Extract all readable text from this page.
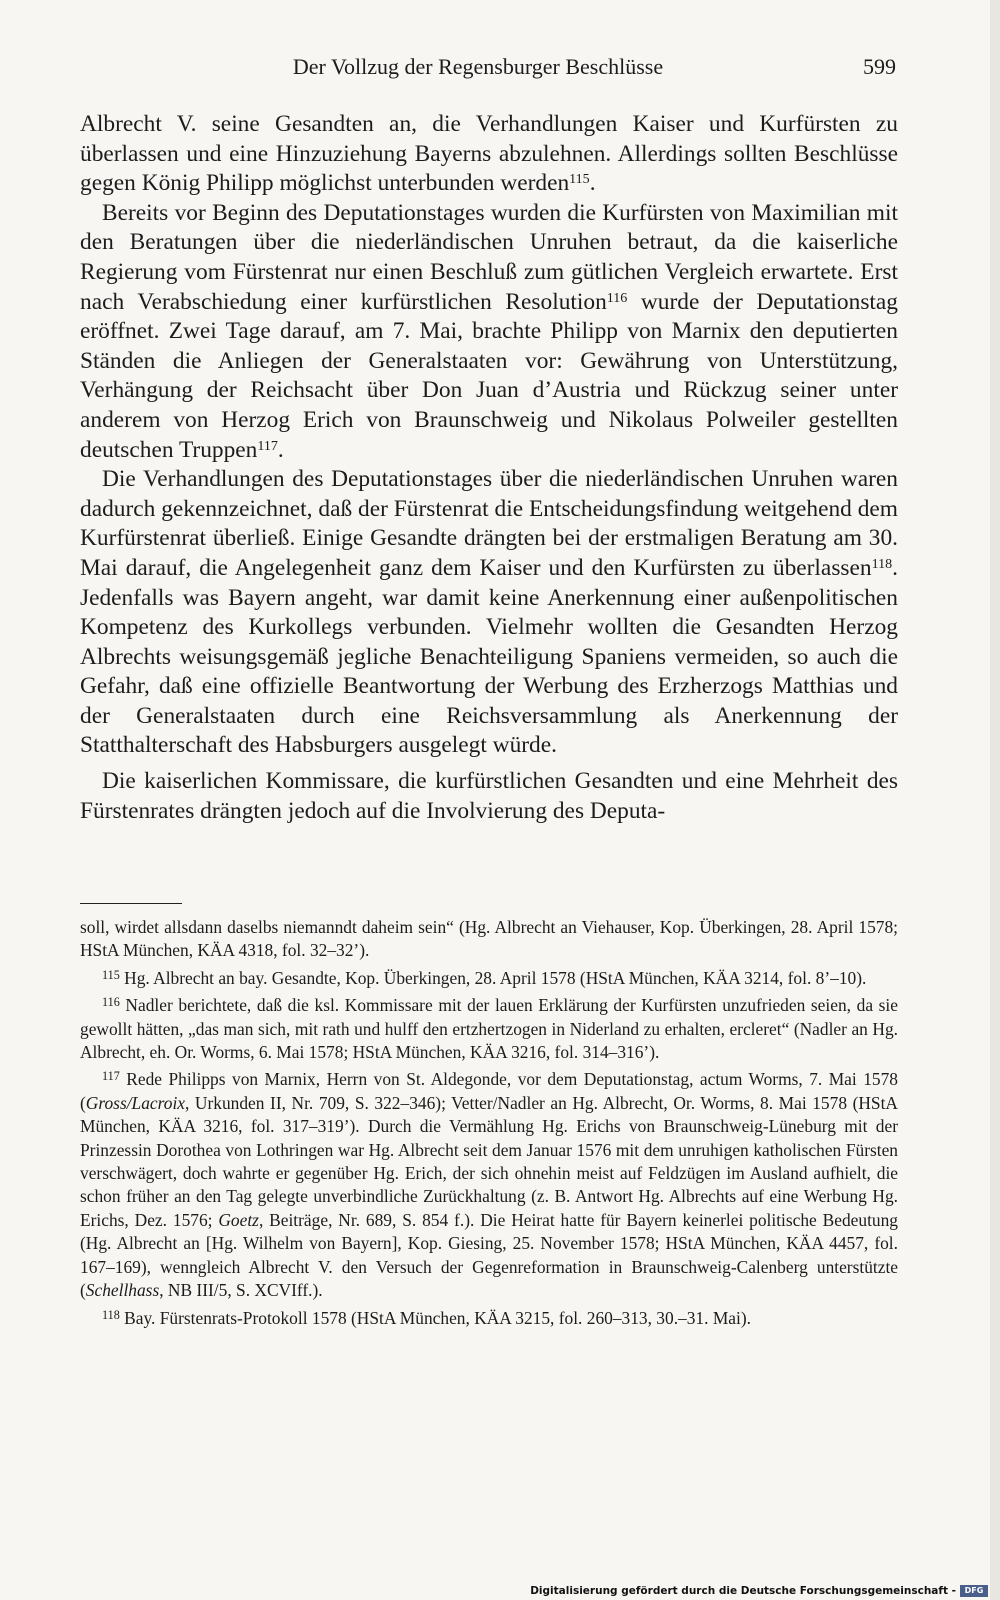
Der Vollzug der Regensburger Beschlüsse	599

Albrecht V. seine Gesandten an, die Verhandlungen Kaiser und Kurfürsten zu überlassen und eine Hinzuziehung Bayerns abzulehnen. Allerdings sollten Beschlüsse gegen König Philipp möglichst unterbunden werden$^{115}$.

Bereits vor Beginn des Deputationstages wurden die Kurfürsten von Maximilian mit den Beratungen über die niederländischen Unruhen betraut, da die kaiserliche Regierung vom Fürstenrat nur einen Beschluß zum gütlichen Vergleich erwartete. Erst nach Verabschiedung einer kurfürstlichen Resolution$^{116}$ wurde der Deputationstag eröffnet. Zwei Tage darauf, am 7. Mai, brachte Philipp von Marnix den deputierten Ständen die Anliegen der Generalstaaten vor: Gewährung von Unterstützung, Verhängung der Reichsacht über Don Juan d’Austria und Rückzug seiner unter anderem von Herzog Erich von Braunschweig und Nikolaus Polweiler gestellten deutschen Truppen$^{117}$.

Die Verhandlungen des Deputationstages über die niederländischen Unruhen waren dadurch gekennzeichnet, daß der Fürstenrat die Entscheidungsfindung weitgehend dem Kurfürstenrat überließ. Einige Gesandte drängten bei der erstmaligen Beratung am 30. Mai darauf, die Angelegenheit ganz dem Kaiser und den Kurfürsten zu überlassen$^{118}$. Jedenfalls was Bayern angeht, war damit keine Anerkennung einer außenpolitischen Kompetenz des Kurkollegs verbunden. Vielmehr wollten die Gesandten Herzog Albrechts weisungsgemäß jegliche Benachteiligung Spaniens vermeiden, so auch die Gefahr, daß eine offizielle Beantwortung der Werbung des Erzherzogs Matthias und der Generalstaaten durch eine Reichsversammlung als Anerkennung der Statthalterschaft des Habsburgers ausgelegt würde.

Die kaiserlichen Kommissare, die kurfürstlichen Gesandten und eine Mehrheit des Fürstenrates drängten jedoch auf die Involvierung des Deputa-

soll, wirdet allsdann daselbs niemanndt daheim sein“ (Hg. Albrecht an Viehauser, Kop. Überkingen, 28. April 1578; HStA München, KÄA 4318, fol. 32–32’).

$^{115}$ Hg. Albrecht an bay. Gesandte, Kop. Überkingen, 28. April 1578 (HStA München, KÄA 3214, fol. 8’–10).

$^{116}$ Nadler berichtete, daß die ksl. Kommissare mit der lauen Erklärung der Kurfürsten unzufrieden seien, da sie gewollt hätten, „das man sich, mit rath und hulff den ertzhertzogen in Niderland zu erhalten, ercleret“ (Nadler an Hg. Albrecht, eh. Or. Worms, 6. Mai 1578; HStA München, KÄA 3216, fol. 314–316’).

$^{117}$ Rede Philipps von Marnix, Herrn von St. Aldegonde, vor dem Deputationstag, actum Worms, 7. Mai 1578 (Gross/Lacroix, Urkunden II, Nr. 709, S. 322–346); Vetter/Nadler an Hg. Albrecht, Or. Worms, 8. Mai 1578 (HStA München, KÄA 3216, fol. 317–319’). Durch die Vermählung Hg. Erichs von Braunschweig-Lüneburg mit der Prinzessin Dorothea von Lothringen war Hg. Albrecht seit dem Januar 1576 mit dem unruhigen katholischen Fürsten verschwägert, doch wahrte er gegenüber Hg. Erich, der sich ohnehin meist auf Feldzügen im Ausland aufhielt, die schon früher an den Tag gelegte unverbindliche Zurückhaltung (z. B. Antwort Hg. Albrechts auf eine Werbung Hg. Erichs, Dez. 1576; Goetz, Beiträge, Nr. 689, S. 854 f.). Die Heirat hatte für Bayern keinerlei politische Bedeutung (Hg. Albrecht an [Hg. Wilhelm von Bayern], Kop. Giesing, 25. November 1578; HStA München, KÄA 4457, fol. 167–169), wenngleich Albrecht V. den Versuch der Gegenreformation in Braunschweig-Calenberg unterstützte (Schellhass, NB III/5, S. XCVIff.).

$^{118}$ Bay. Fürstenrats-Protokoll 1578 (HStA München, KÄA 3215, fol. 260–313, 30.–31. Mai).

Digitalisierung gefördert durch die Deutsche Forschungsgemeinschaft -	DFG
